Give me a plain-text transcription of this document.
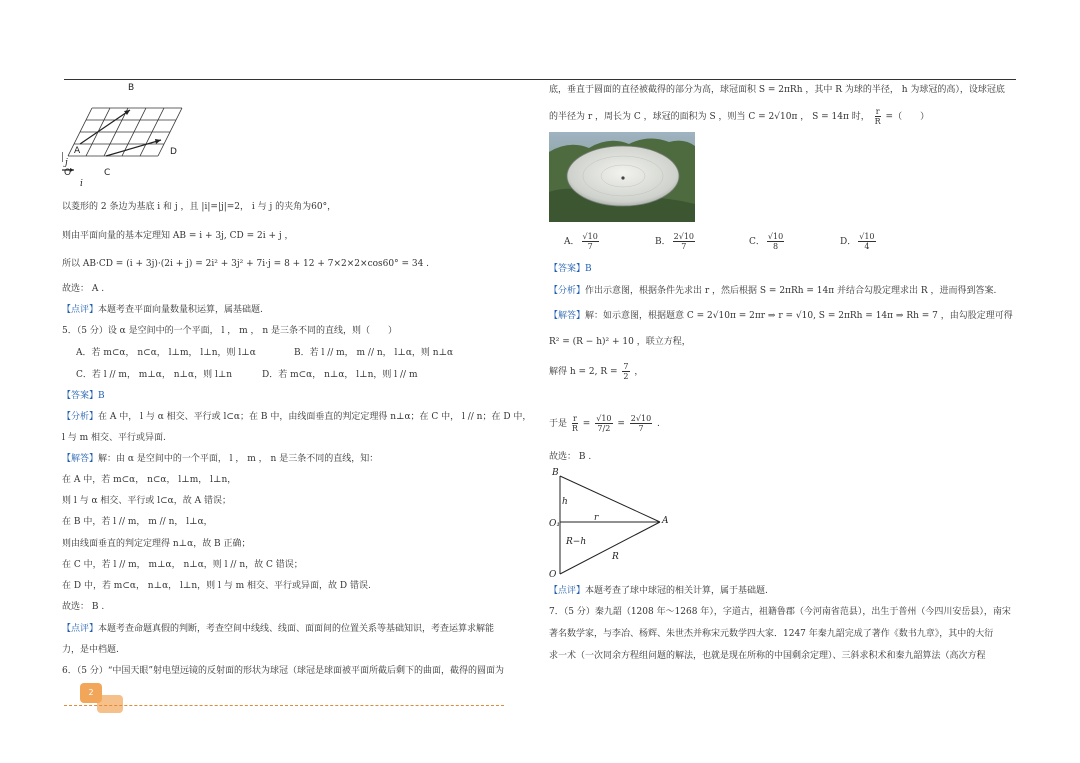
B
A	D
j
O	C
i
以菱形的 2 条边为基底 i 和 j ，且 |i|=|j|=2， i 与 j 的夹角为60°，
则由平面向量的基本定理知 AB = i + 3j, CD = 2i + j ，
所以 AB·CD = (i + 3j)·(2i + j) = 2i² + 3j² + 7i·j = 8 + 12 + 7×2×2×cos60° = 34 .
故选： A .
【点评】本题考查平面向量数量积运算，属基础题.
5．（5 分）设 α 是空间中的一个平面， l ， m ， n 是三条不同的直线，则（　　）
A．若 m⊂α， n⊂α， l⊥m， l⊥n，则 l⊥α	B．若 l // m， m // n， l⊥α，则 n⊥α
C．若 l // m， m⊥α， n⊥α，则 l⊥n	D．若 m⊂α， n⊥α， l⊥n，则 l // m
【答案】B
【分析】在 A 中， l 与 α 相交、平行或 l⊂α；在 B 中，由线面垂直的判定定理得 n⊥α；在 C 中， l // n；在 D 中，
l 与 m 相交、平行或异面.
【解答】解：由 α 是空间中的一个平面， l ， m ， n 是三条不同的直线，知：
在 A 中，若 m⊂α， n⊂α， l⊥m， l⊥n，
则 l 与 α 相交、平行或 l⊂α，故 A 错误；
在 B 中，若 l // m， m // n， l⊥α，
则由线面垂直的判定定理得 n⊥α，故 B 正确；
在 C 中，若 l // m， m⊥α， n⊥α，则 l // n，故 C 错误；
在 D 中，若 m⊂α， n⊥α， l⊥n，则 l 与 m 相交、平行或异面，故 D 错误.
故选： B .
【点评】本题考查命题真假的判断，考查空间中线线、线面、面面间的位置关系等基础知识，考查运算求解能
力，是中档题.
6．（5 分）“中国天眼”射电望远镜的反射面的形状为球冠（球冠是球面被平面所截后剩下的曲面，截得的圆面为
底，垂直于圆面的直径被截得的部分为高，球冠面积 S = 2πRh ，其中 R 为球的半径， h 为球冠的高），设球冠底
的半径为 r ，周长为 C ，球冠的面积为 S ，则当 C = 2√10π ， S = 14π 时， $\frac{r}{R}$ =（　　）
A． $\frac{√10}{7}$	B． $\frac{2√10}{7}$	C． $\frac{√10}{8}$	D． $\frac{√10}{4}$
【答案】B
【分析】作出示意图，根据条件先求出 r ，然后根据 S = 2πRh = 14π 并结合勾股定理求出 R ，进而得到答案.
【解答】解：如示意图，根据题意 C = 2√10π = 2πr ⇒ r = √10, S = 2πRh = 14π ⇒ Rh = 7 ，由勾股定理可得
R² = (R − h)² + 10 ，联立方程，
解得 h = 2, $R = \frac{7}{2}$ ，
于是 $\frac{r}{R} = \frac{√10}{7/2} = \frac{2√10}{7}$ .
故选： B .
【点评】本题考查了球中球冠的相关计算，属于基础题.
7．（5 分）秦九韶（1208 年～1268 年），字道古，祖籍鲁郡（今河南省范县），出生于普州（今四川安岳县），南宋
著名数学家，与李冶、杨辉、朱世杰并称宋元数学四大家．1247 年秦九韶完成了著作《数书九章》，其中的大衍
求一术（一次同余方程组问题的解法，也就是现在所称的中国剩余定理）、三斜求积术和秦九韶算法（高次方程
B
h
O₁
r	A
R−h
R
O
2
